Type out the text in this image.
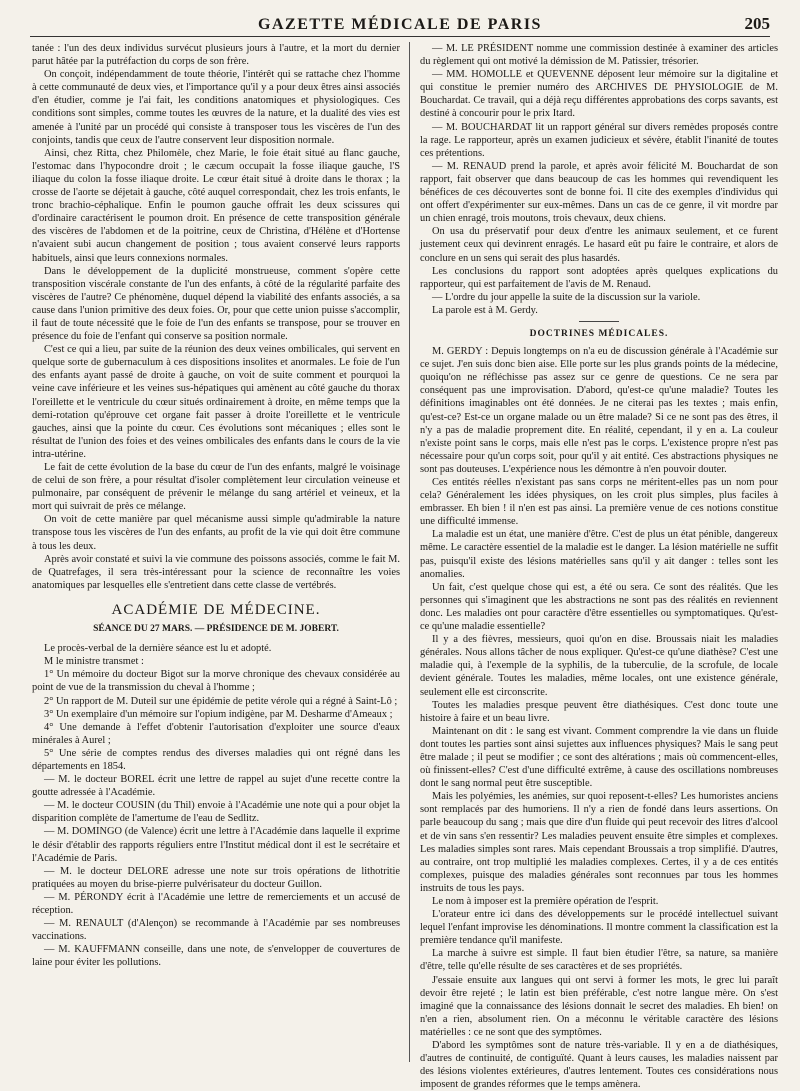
GAZETTE MÉDICALE DE PARIS	205

tanée : l'un des deux individus survécut plusieurs jours à l'autre, et la mort du dernier parut hâtée par la putréfaction du corps de son frère.

On conçoit, indépendamment de toute théorie, l'intérêt qui se rattache chez l'homme à cette communauté de deux vies, et l'importance qu'il y a pour deux êtres ainsi associés d'en étudier, comme je l'ai fait, les conditions anatomiques et physiologiques. Ces conditions sont simples, comme toutes les œuvres de la nature, et la dualité des vies est amenée à l'unité par un procédé qui consiste à transposer tous les viscères de l'un des conjoints, tandis que ceux de l'autre conservent leur disposition normale.

Ainsi, chez Ritta, chez Philomèle, chez Marie, le foie était situé au flanc gauche, l'estomac dans l'hypocondre droit ; le cæcum occupait la fosse iliaque gauche, l'S iliaque du colon la fosse iliaque droite. Le cœur était situé à droite dans le thorax ; la crosse de l'aorte se déjetait à gauche, côté auquel correspondait, chez les trois enfants, le tronc brachio-céphalique. Enfin le poumon gauche offrait les deux scissures qui d'ordinaire caractérisent le poumon droit. En présence de cette transposition générale des viscères de l'abdomen et de la poitrine, ceux de Christina, d'Hélène et d'Hortense n'avaient subi aucun changement de position ; tous avaient conservé leurs rapports habituels, ainsi que leurs connexions normales.

Dans le développement de la duplicité monstrueuse, comment s'opère cette transposition viscérale constante de l'un des enfants, à côté de la régularité parfaite des viscères de l'autre? Ce phénomène, duquel dépend la viabilité des enfants associés, a sa cause dans l'union primitive des deux foies. Or, pour que cette union puisse s'accomplir, il faut de toute nécessité que le foie de l'un des enfants se transpose, pour se trouver en présence du foie de l'enfant qui conserve sa position normale.

C'est ce qui a lieu, par suite de la réunion des deux veines ombilicales, qui servent en quelque sorte de gubernaculum à ces dispositions insolites et anormales. Le foie de l'un des enfants ayant passé de droite à gauche, on voit de suite comment et pourquoi la veine cave inférieure et les veines sus-hépatiques qui amènent au côté gauche du thorax l'oreillette et le ventricule du cœur situés ordinairement à droite, en même temps que la demi-rotation qu'éprouve cet organe fait passer à droite l'oreillette et le ventricule gauches, ainsi que la pointe du cœur. Ces évolutions sont mécaniques ; elles sont le résultat de l'union des foies et des veines ombilicales des enfants dans le cours de la vie intra-utérine.

Le fait de cette évolution de la base du cœur de l'un des enfants, malgré le voisinage de celui de son frère, a pour résultat d'isoler complètement leur circulation veineuse et pulmonaire, par conséquent de prévenir le mélange du sang artériel et veineux, et la mort qui suivrait de près ce mélange.

On voit de cette manière par quel mécanisme aussi simple qu'admirable la nature transpose tous les viscères de l'un des enfants, au profit de la vie qui doit être commune à tous les deux.

Après avoir constaté et suivi la vie commune des poissons associés, comme le fait M. de Quatrefages, il sera très-intéressant pour la science de reconnaître les voies anatomiques par lesquelles elle s'entretient dans cette classe de vertébrés.

ACADÉMIE DE MÉDECINE.
SÉANCE DU 27 MARS. — PRÉSIDENCE DE M. JOBERT.

Le procès-verbal de la dernière séance est lu et adopté.

M le ministre transmet :

1° Un mémoire du docteur Bigot sur la morve chronique des chevaux considérée au point de vue de la transmission du cheval à l'homme ;

2° Un rapport de M. Duteil sur une épidémie de petite vérole qui a régné à Saint-Lô ;

3° Un exemplaire d'un mémoire sur l'opium indigène, par M. Desharme d'Ameaux ;

4° Une demande à l'effet d'obtenir l'autorisation d'exploiter une source d'eaux minérales à Aurel ;

5° Une série de comptes rendus des diverses maladies qui ont régné dans les départements en 1854.

— M. le docteur BOREL écrit une lettre de rappel au sujet d'une recette contre la goutte adressée à l'Académie.

— M. le docteur COUSIN (du Thil) envoie à l'Académie une note qui a pour objet la disparition complète de l'amertume de l'eau de Sedlitz.

— M. DOMINGO (de Valence) écrit une lettre à l'Académie dans laquelle il exprime le désir d'établir des rapports réguliers entre l'Institut médical dont il est le secrétaire et l'Académie de Paris.

— M. le docteur DELORE adresse une note sur trois opérations de lithotritie pratiquées au moyen du brise-pierre pulvérisateur du docteur Guillon.

— M. PÉRONDY écrit à l'Académie une lettre de remerciements et un accusé de réception.

— M. RENAULT (d'Alençon) se recommande à l'Académie par ses nombreuses vaccinations.

— M. KAUFFMANN conseille, dans une note, de s'envelopper de couvertures de laine pour éviter les pollutions.

— M. LE PRÉSIDENT nomme une commission destinée à examiner des articles du règlement qui ont motivé la démission de M. Patissier, trésorier.

— MM. HOMOLLE et QUEVENNE déposent leur mémoire sur la digitaline et qui constitue le premier numéro des ARCHIVES DE PHYSIOLOGIE de M. Bouchardat. Ce travail, qui a déjà reçu différentes approbations des corps savants, est destiné à concourir pour le prix Itard.

— M. BOUCHARDAT lit un rapport général sur divers remèdes proposés contre la rage. Le rapporteur, après un examen judicieux et sévère, établit l'inanité de toutes ces prétentions.

— M. RENAUD prend la parole, et après avoir félicité M. Bouchardat de son rapport, fait observer que dans beaucoup de cas les hommes qui revendiquent les bénéfices de ces découvertes sont de bonne foi. Il cite des exemples d'individus qui ont offert d'expérimenter sur eux-mêmes. Dans un cas de ce genre, il vit mordre par un chien enragé, trois moutons, trois chevaux, deux chiens.

On usa du préservatif pour deux d'entre les animaux seulement, et ce furent justement ceux qui devinrent enragés. Le hasard eût pu faire le contraire, et alors de conclure en un sens qui serait des plus hasardés.

Les conclusions du rapport sont adoptées après quelques explications du rapporteur, qui est parfaitement de l'avis de M. Renaud.

— L'ordre du jour appelle la suite de la discussion sur la variole.

La parole est à M. Gerdy.

DOCTRINES MÉDICALES.

M. GERDY : Depuis longtemps on n'a eu de discussion générale à l'Académie sur ce sujet. J'en suis donc bien aise. Elle porte sur les plus grands points de la médecine, quoiqu'on ne réfléchisse pas assez sur ce genre de questions. Ce ne sera par conséquent pas une improvisation. D'abord, qu'est-ce qu'une maladie? Toutes les définitions imaginables ont été données. Je ne citerai pas les textes ; mais enfin, qu'est-ce? Est-ce un organe malade ou un être malade? Si ce ne sont pas des êtres, il n'y a pas de maladie proprement dite. En réalité, cependant, il y en a. La couleur n'existe point sans le corps, mais elle n'est pas le corps. L'existence propre n'est pas nécessaire pour qu'un corps soit, pour qu'il y ait entité. Ces abstractions physiques ne sont pas douteuses. L'expérience nous les démontre à n'en pouvoir douter.

Ces entités réelles n'existant pas sans corps ne méritent-elles pas un nom pour cela? Généralement les idées physiques, on les croit plus simples, plus faciles à embrasser. Eh bien ! il n'en est pas ainsi. La première venue de ces notions constitue une difficulté immense.

La maladie est un état, une manière d'être. C'est de plus un état pénible, dangereux même. Le caractère essentiel de la maladie est le danger. La lésion matérielle ne suffit pas, puisqu'il existe des lésions matérielles sans qu'il y ait danger : telles sont les anomalies.

Un fait, c'est quelque chose qui est, a été ou sera. Ce sont des réalités. Que les personnes qui s'imaginent que les abstractions ne sont pas des réalités en reviennent donc. Les maladies ont pour caractère d'être essentielles ou symptomatiques. Qu'est-ce qu'une maladie essentielle?

Il y a des fièvres, messieurs, quoi qu'on en dise. Broussais niait les maladies générales. Nous allons tâcher de nous expliquer. Qu'est-ce qu'une diathèse? C'est une maladie qui, à l'exemple de la syphilis, de la tuberculie, de la scrofule, de locale devient générale. Toutes les maladies, même locales, ont une existence générale, seulement elle est circonscrite.

Toutes les maladies presque peuvent être diathésiques. C'est donc toute une histoire à faire et un beau livre.

Maintenant on dit : le sang est vivant. Comment comprendre la vie dans un fluide dont toutes les parties sont ainsi sujettes aux influences physiques? Mais le sang peut être malade ; il peut se modifier ; ce sont des altérations ; mais où commencent-elles, où finissent-elles? C'est d'une difficulté extrême, à cause des oscillations nombreuses dont le sang normal peut être susceptible.

Mais les polyémies, les anémies, sur quoi reposent-t-elles? Les humoristes anciens sont remplacés par des humoriens. Il n'y a rien de fondé dans leurs assertions. On parle beaucoup du sang ; mais que dire d'un fluide qui peut recevoir des litres d'alcool et de vin sans s'en ressentir? Les maladies peuvent ensuite être simples et complexes. Les maladies simples sont rares. Mais cependant Broussais a trop simplifié. D'autres, au contraire, ont trop multiplié les maladies complexes. Certes, il y a de ces entités complexes, puisque des maladies générales sont reconnues par tous les hommes instruits de tous les pays.

Le nom à imposer est la première opération de l'esprit.

L'orateur entre ici dans des développements sur le procédé intellectuel suivant lequel l'enfant improvise les dénominations. Il montre comment la classification est la première tendance qu'il manifeste.

La marche à suivre est simple. Il faut bien étudier l'être, sa nature, sa manière d'être, telle qu'elle résulte de ses caractères et de ses propriétés.

J'essaie ensuite aux langues qui ont servi à former les mots, le grec lui paraît devoir être rejeté ; le latin est bien préférable, c'est notre langue mère. On s'est imaginé que la connaissance des lésions donnait le secret des maladies. Eh bien! on n'en a rien, absolument rien. On a méconnu le véritable caractère des lésions matérielles : ce ne sont que des symptômes.

D'abord les symptômes sont de nature très-variable. Il y en a de diathésiques, d'autres de continuité, de contiguïté. Quant à leurs causes, les maladies naissent par des lésions violentes extérieures, d'autres lentement. Toutes ces considérations nous imposent de grandes réformes que le temps amènera.
